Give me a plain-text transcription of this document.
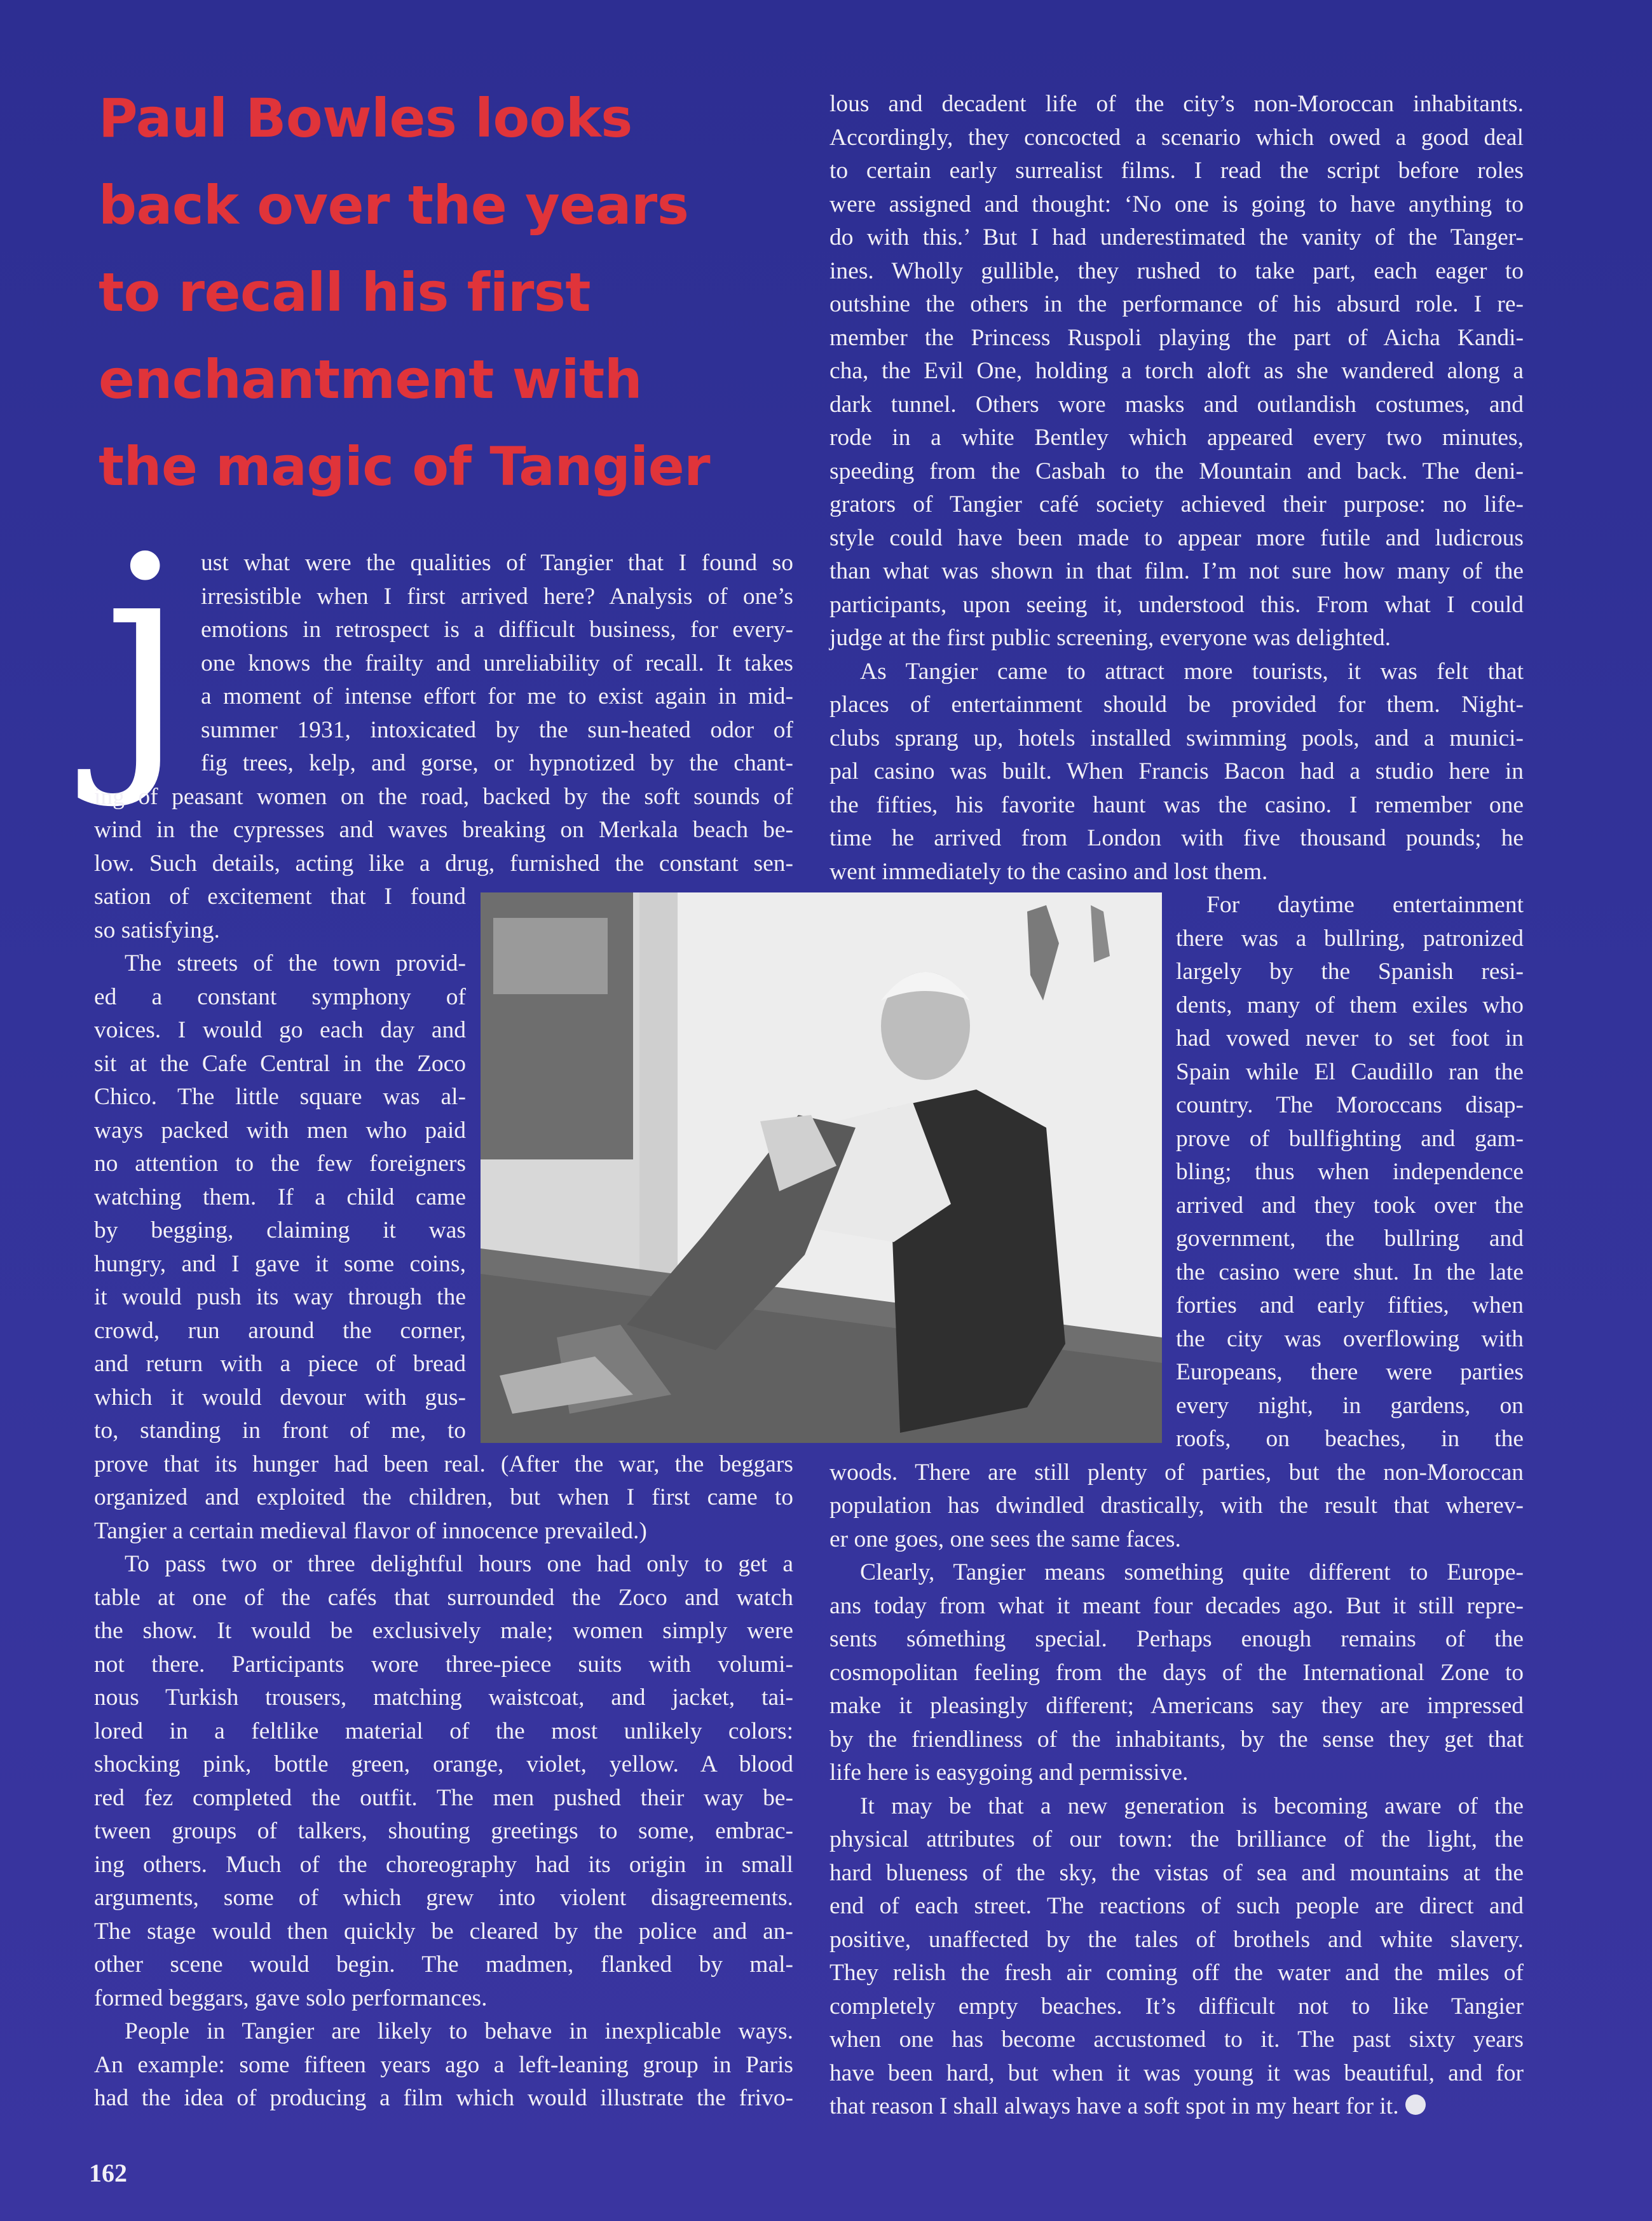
Paul Bowles looks
back over the years
to recall his first
enchantment with
the magic of Tangier
j ust what were the qualities of Tangier that I found so
irresistible when I first arrived here? Analysis of one’s
emotions in retrospect is a difficult business, for every-
one knows the frailty and unreliability of recall. It takes
a moment of intense effort for me to exist again in mid-
summer 1931, intoxicated by the sun-heated odor of
fig trees, kelp, and gorse, or hypnotized by the chant-
ing of peasant women on the road, backed by the soft sounds of
wind in the cypresses and waves breaking on Merkala beach be-
low. Such details, acting like a drug, furnished the constant sen-
sation of excitement that I found
so satisfying.
The streets of the town provid-
ed a constant symphony of
voices. I would go each day and
sit at the Cafe Central in the Zoco
Chico. The little square was al-
ways packed with men who paid
no attention to the few foreigners
watching them. If a child came
by begging, claiming it was
hungry, and I gave it some coins,
it would push its way through the
crowd, run around the corner,
and return with a piece of bread
which it would devour with gus-
to, standing in front of me, to
prove that its hunger had been real. (After the war, the beggars
organized and exploited the children, but when I first came to
Tangier a certain medieval flavor of innocence prevailed.)
To pass two or three delightful hours one had only to get a
table at one of the cafés that surrounded the Zoco and watch
the show. It would be exclusively male; women simply were
not there. Participants wore three-piece suits with volumi-
nous Turkish trousers, matching waistcoat, and jacket, tai-
lored in a feltlike material of the most unlikely colors:
shocking pink, bottle green, orange, violet, yellow. A blood
red fez completed the outfit. The men pushed their way be-
tween groups of talkers, shouting greetings to some, embrac-
ing others. Much of the choreography had its origin in small
arguments, some of which grew into violent disagreements.
The stage would then quickly be cleared by the police and an-
other scene would begin. The madmen, flanked by mal-
formed beggars, gave solo performances.
People in Tangier are likely to behave in inexplicable ways.
An example: some fifteen years ago a left-leaning group in Paris
had the idea of producing a film which would illustrate the frivo-
lous and decadent life of the city’s non-Moroccan inhabitants.
Accordingly, they concocted a scenario which owed a good deal
to certain early surrealist films. I read the script before roles
were assigned and thought: ‘No one is going to have anything to
do with this.’ But I had underestimated the vanity of the Tanger-
ines. Wholly gullible, they rushed to take part, each eager to
outshine the others in the performance of his absurd role. I re-
member the Princess Ruspoli playing the part of Aicha Kandi-
cha, the Evil One, holding a torch aloft as she wandered along a
dark tunnel. Others wore masks and outlandish costumes, and
rode in a white Bentley which appeared every two minutes,
speeding from the Casbah to the Mountain and back. The deni-
grators of Tangier café society achieved their purpose: no life-
style could have been made to appear more futile and ludicrous
than what was shown in that film. I’m not sure how many of the
participants, upon seeing it, understood this. From what I could
judge at the first public screening, everyone was delighted.
As Tangier came to attract more tourists, it was felt that
places of entertainment should be provided for them. Night-
clubs sprang up, hotels installed swimming pools, and a munici-
pal casino was built. When Francis Bacon had a studio here in
the fifties, his favorite haunt was the casino. I remember one
time he arrived from London with five thousand pounds; he
went immediately to the casino and lost them.
For daytime entertainment
there was a bullring, patronized
largely by the Spanish resi-
dents, many of them exiles who
had vowed never to set foot in
Spain while El Caudillo ran the
country. The Moroccans disap-
prove of bullfighting and gam-
bling; thus when independence
arrived and they took over the
government, the bullring and
the casino were shut. In the late
forties and early fifties, when
the city was overflowing with
Europeans, there were parties
every night, in gardens, on
roofs, on beaches, in the
woods. There are still plenty of parties, but the non-Moroccan
population has dwindled drastically, with the result that wherev-
er one goes, one sees the same faces.
Clearly, Tangier means something quite different to Europe-
ans today from what it meant four decades ago. But it still repre-
sents sómething special. Perhaps enough remains of the
cosmopolitan feeling from the days of the International Zone to
make it pleasingly different; Americans say they are impressed
by the friendliness of the inhabitants, by the sense they get that
life here is easygoing and permissive.
It may be that a new generation is becoming aware of the
physical attributes of our town: the brilliance of the light, the
hard blueness of the sky, the vistas of sea and mountains at the
end of each street. The reactions of such people are direct and
positive, unaffected by the tales of brothels and white slavery.
They relish the fresh air coming off the water and the miles of
completely empty beaches. It’s difficult not to like Tangier
when one has become accustomed to it. The past sixty years
have been hard, but when it was young it was beautiful, and for
that reason I shall always have a soft spot in my heart for it.
162
